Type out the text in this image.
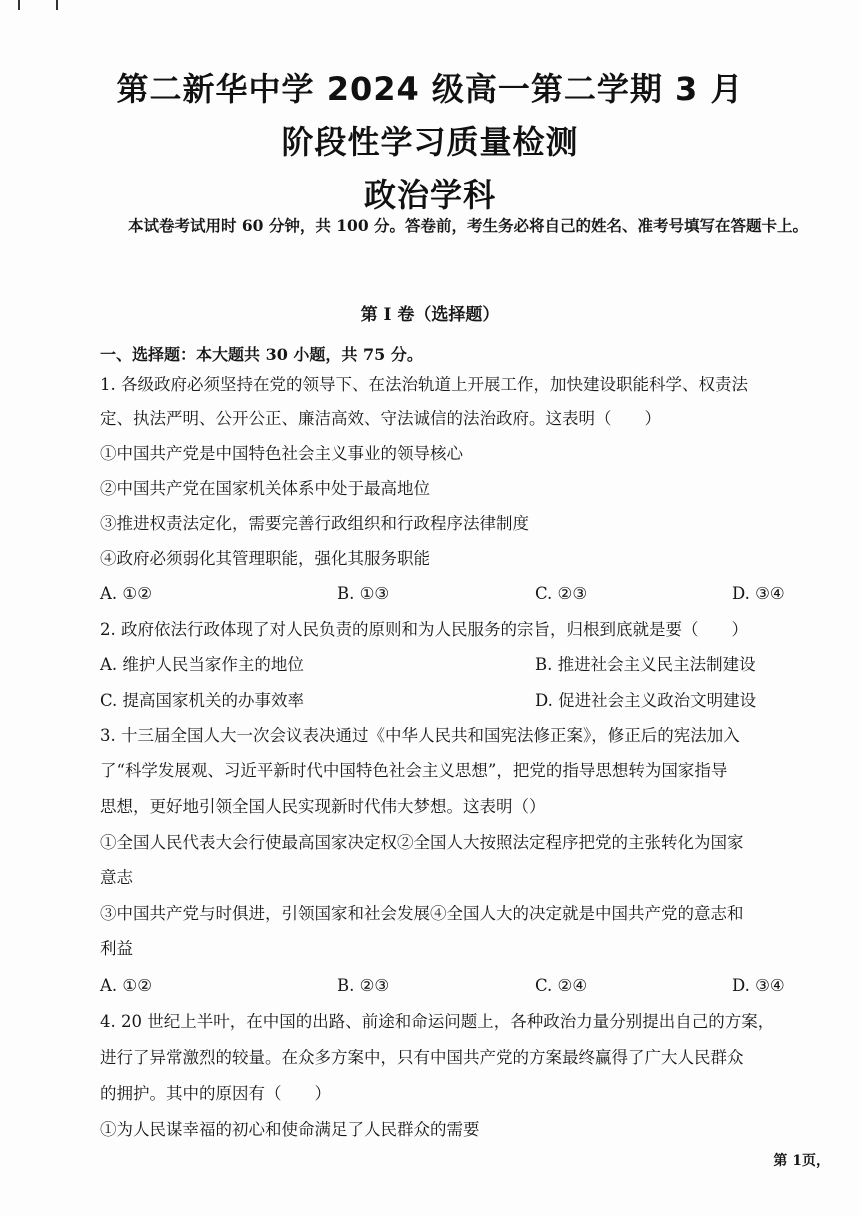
第二新华中学 2024 级高一第二学期 3 月
阶段性学习质量检测
政治学科
本试卷考试用时 60 分钟，共 100 分。答卷前，考生务必将自己的姓名、准考号填写在答题卡上。
第 I 卷（选择题）
一、选择题：本大题共 30 小题，共 75 分。
1. 各级政府必须坚持在党的领导下、在法治轨道上开展工作，加快建设职能科学、权责法
定、执法严明、公开公正、廉洁高效、守法诚信的法治政府。这表明（　　）
①中国共产党是中国特色社会主义事业的领导核心
②中国共产党在国家机关体系中处于最高地位
③推进权责法定化，需要完善行政组织和行政程序法律制度
④政府必须弱化其管理职能，强化其服务职能
A. ①②	B. ①③	C. ②③	D. ③④
2. 政府依法行政体现了对人民负责的原则和为人民服务的宗旨，归根到底就是要（　　）
A. 维护人民当家作主的地位	B. 推进社会主义民主法制建设
C. 提高国家机关的办事效率	D. 促进社会主义政治文明建设
3. 十三届全国人大一次会议表决通过《中华人民共和国宪法修正案》，修正后的宪法加入
了“科学发展观、习近平新时代中国特色社会主义思想”，把党的指导思想转为国家指导
思想，更好地引领全国人民实现新时代伟大梦想。这表明（）
①全国人民代表大会行使最高国家决定权②全国人大按照法定程序把党的主张转化为国家
意志
③中国共产党与时俱进，引领国家和社会发展④全国人大的决定就是中国共产党的意志和
利益
A. ①②	B. ②③	C. ②④	D. ③④
4. 20 世纪上半叶，在中国的出路、前途和命运问题上，各种政治力量分别提出自己的方案，
进行了异常激烈的较量。在众多方案中，只有中国共产党的方案最终赢得了广大人民群众
的拥护。其中的原因有（　　）
①为人民谋幸福的初心和使命满足了人民群众的需要
第 1页，
